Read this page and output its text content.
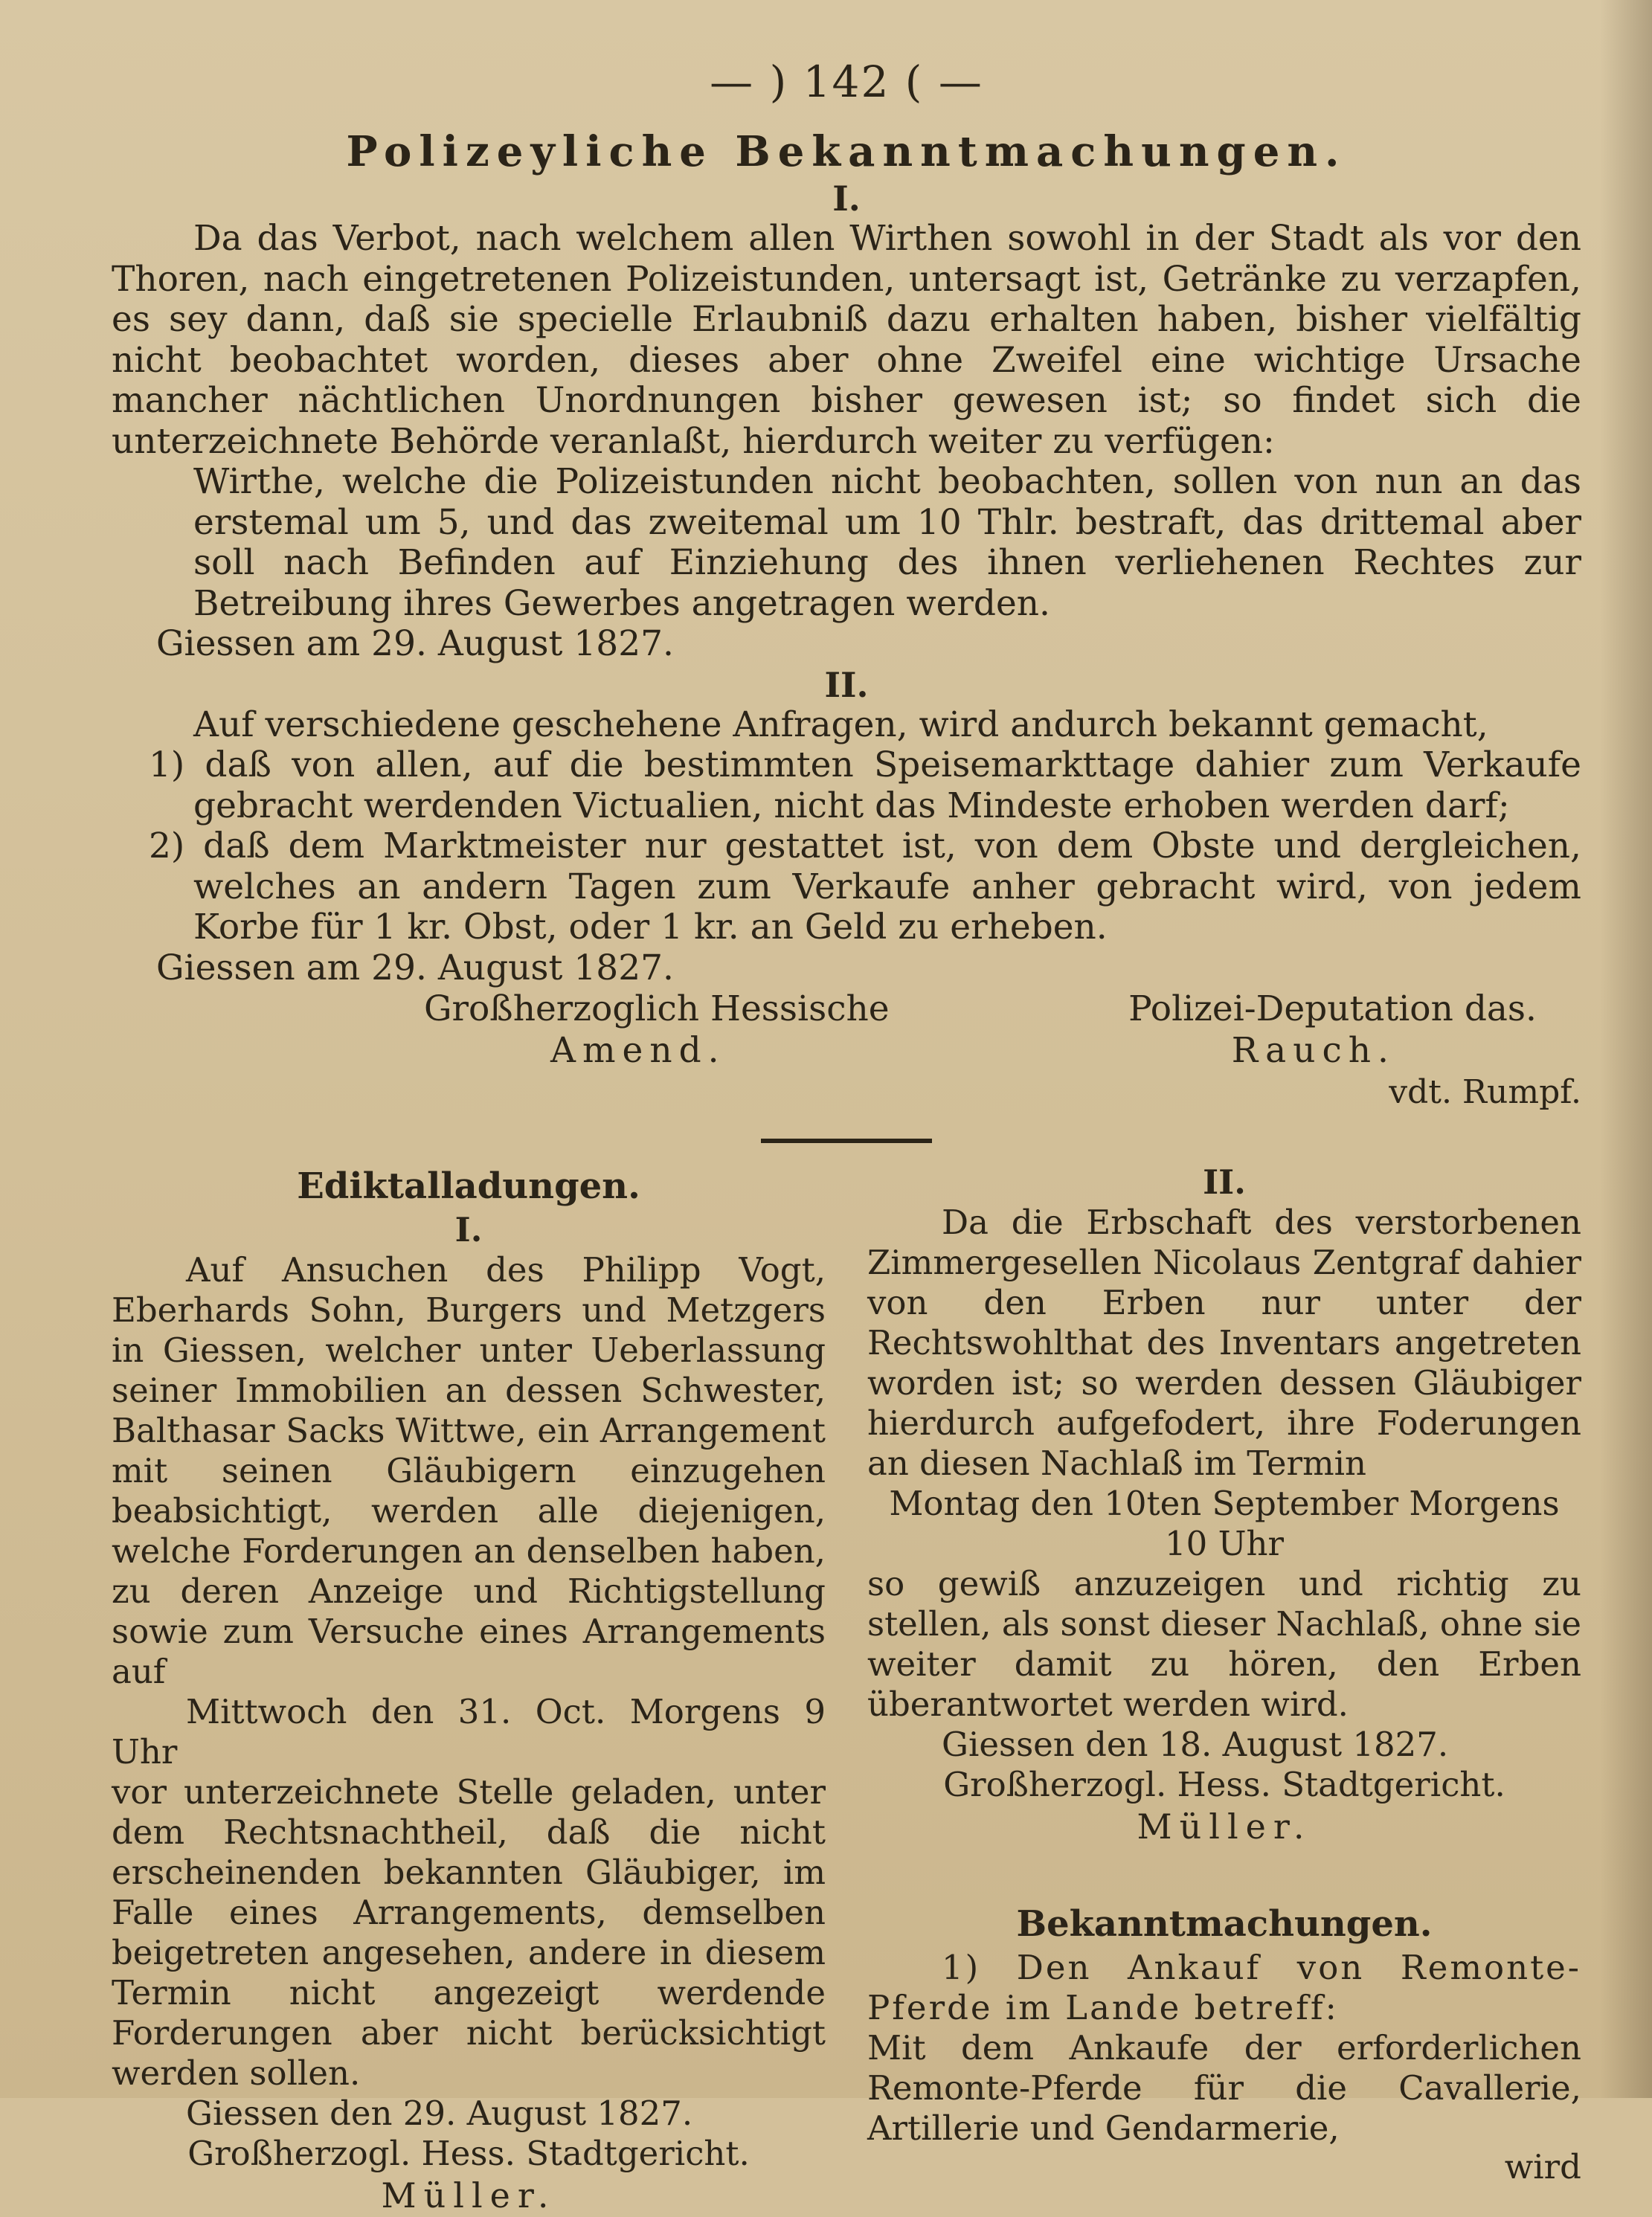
— ) 142 ( —
Polizeyliche Bekanntmachungen.
I.

Da das Verbot, nach welchem allen Wirthen sowohl in der Stadt als vor den Thoren, nach eingetretenen Polizeistunden, untersagt ist, Getränke zu verzapfen, es sey dann, daß sie specielle Erlaubniß dazu erhalten haben, bisher vielfältig nicht beobachtet worden, dieses aber ohne Zweifel eine wichtige Ursache mancher nächtlichen Unordnungen bisher gewesen ist; so findet sich die unterzeichnete Behörde veranlaßt, hierdurch weiter zu verfügen:

Wirthe, welche die Polizeistunden nicht beobachten, sollen von nun an das erstemal um 5, und das zweitemal um 10 Thlr. bestraft, das drittemal aber soll nach Befinden auf Einziehung des ihnen verliehenen Rechtes zur Betreibung ihres Gewerbes angetragen werden.

Giessen am 29. August 1827.

II.

Auf verschiedene geschehene Anfragen, wird andurch bekannt gemacht,

1) daß von allen, auf die bestimmten Speisemarkttage dahier zum Verkaufe gebracht werdenden Victualien, nicht das Mindeste erhoben werden darf;

2) daß dem Marktmeister nur gestattet ist, von dem Obste und dergleichen, welches an andern Tagen zum Verkaufe anher gebracht wird, von jedem Korbe für 1 kr. Obst, oder 1 kr. an Geld zu erheben.

Giessen am 29. August 1827.

Großherzoglich Hessische	Polizei-Deputation das.
Amend.	Rauch.
vdt. Rumpf.
Ediktalladungen.
I.

Auf Ansuchen des Philipp Vogt, Eberhards Sohn, Burgers und Metzgers in Giessen, welcher unter Ueberlassung seiner Immobilien an dessen Schwester, Balthasar Sacks Wittwe, ein Arrangement mit seinen Gläubigern einzugehen beabsichtigt, werden alle diejenigen, welche Forderungen an denselben haben, zu deren Anzeige und Richtigstellung sowie zum Versuche eines Arrangements auf

Mittwoch den 31. Oct. Morgens 9 Uhr

vor unterzeichnete Stelle geladen, unter dem Rechtsnachtheil, daß die nicht erscheinenden bekannten Gläubiger, im Falle eines Arrangements, demselben beigetreten angesehen, andere in diesem Termin nicht angezeigt werdende Forderungen aber nicht berücksichtigt werden sollen.

Giessen den 29. August 1827.

Großherzogl. Hess. Stadtgericht.
Müller.
II.

Da die Erbschaft des verstorbenen Zimmergesellen Nicolaus Zentgraf dahier von den Erben nur unter der Rechtswohlthat des Inventars angetreten worden ist; so werden dessen Gläubiger hierdurch aufgefodert, ihre Foderungen an diesen Nachlaß im Termin

Montag den 10ten September Morgens 10 Uhr

so gewiß anzuzeigen und richtig zu stellen, als sonst dieser Nachlaß, ohne sie weiter damit zu hören, den Erben überantwortet werden wird.

Giessen den 18. August 1827.

Großherzogl. Hess. Stadtgericht.
Müller.
Bekanntmachungen.

1) Den Ankauf von Remonte-Pferde im Lande betreff:

Mit dem Ankaufe der erforderlichen Remonte-Pferde für die Cavallerie, Artillerie und Gendarmerie,

wird
